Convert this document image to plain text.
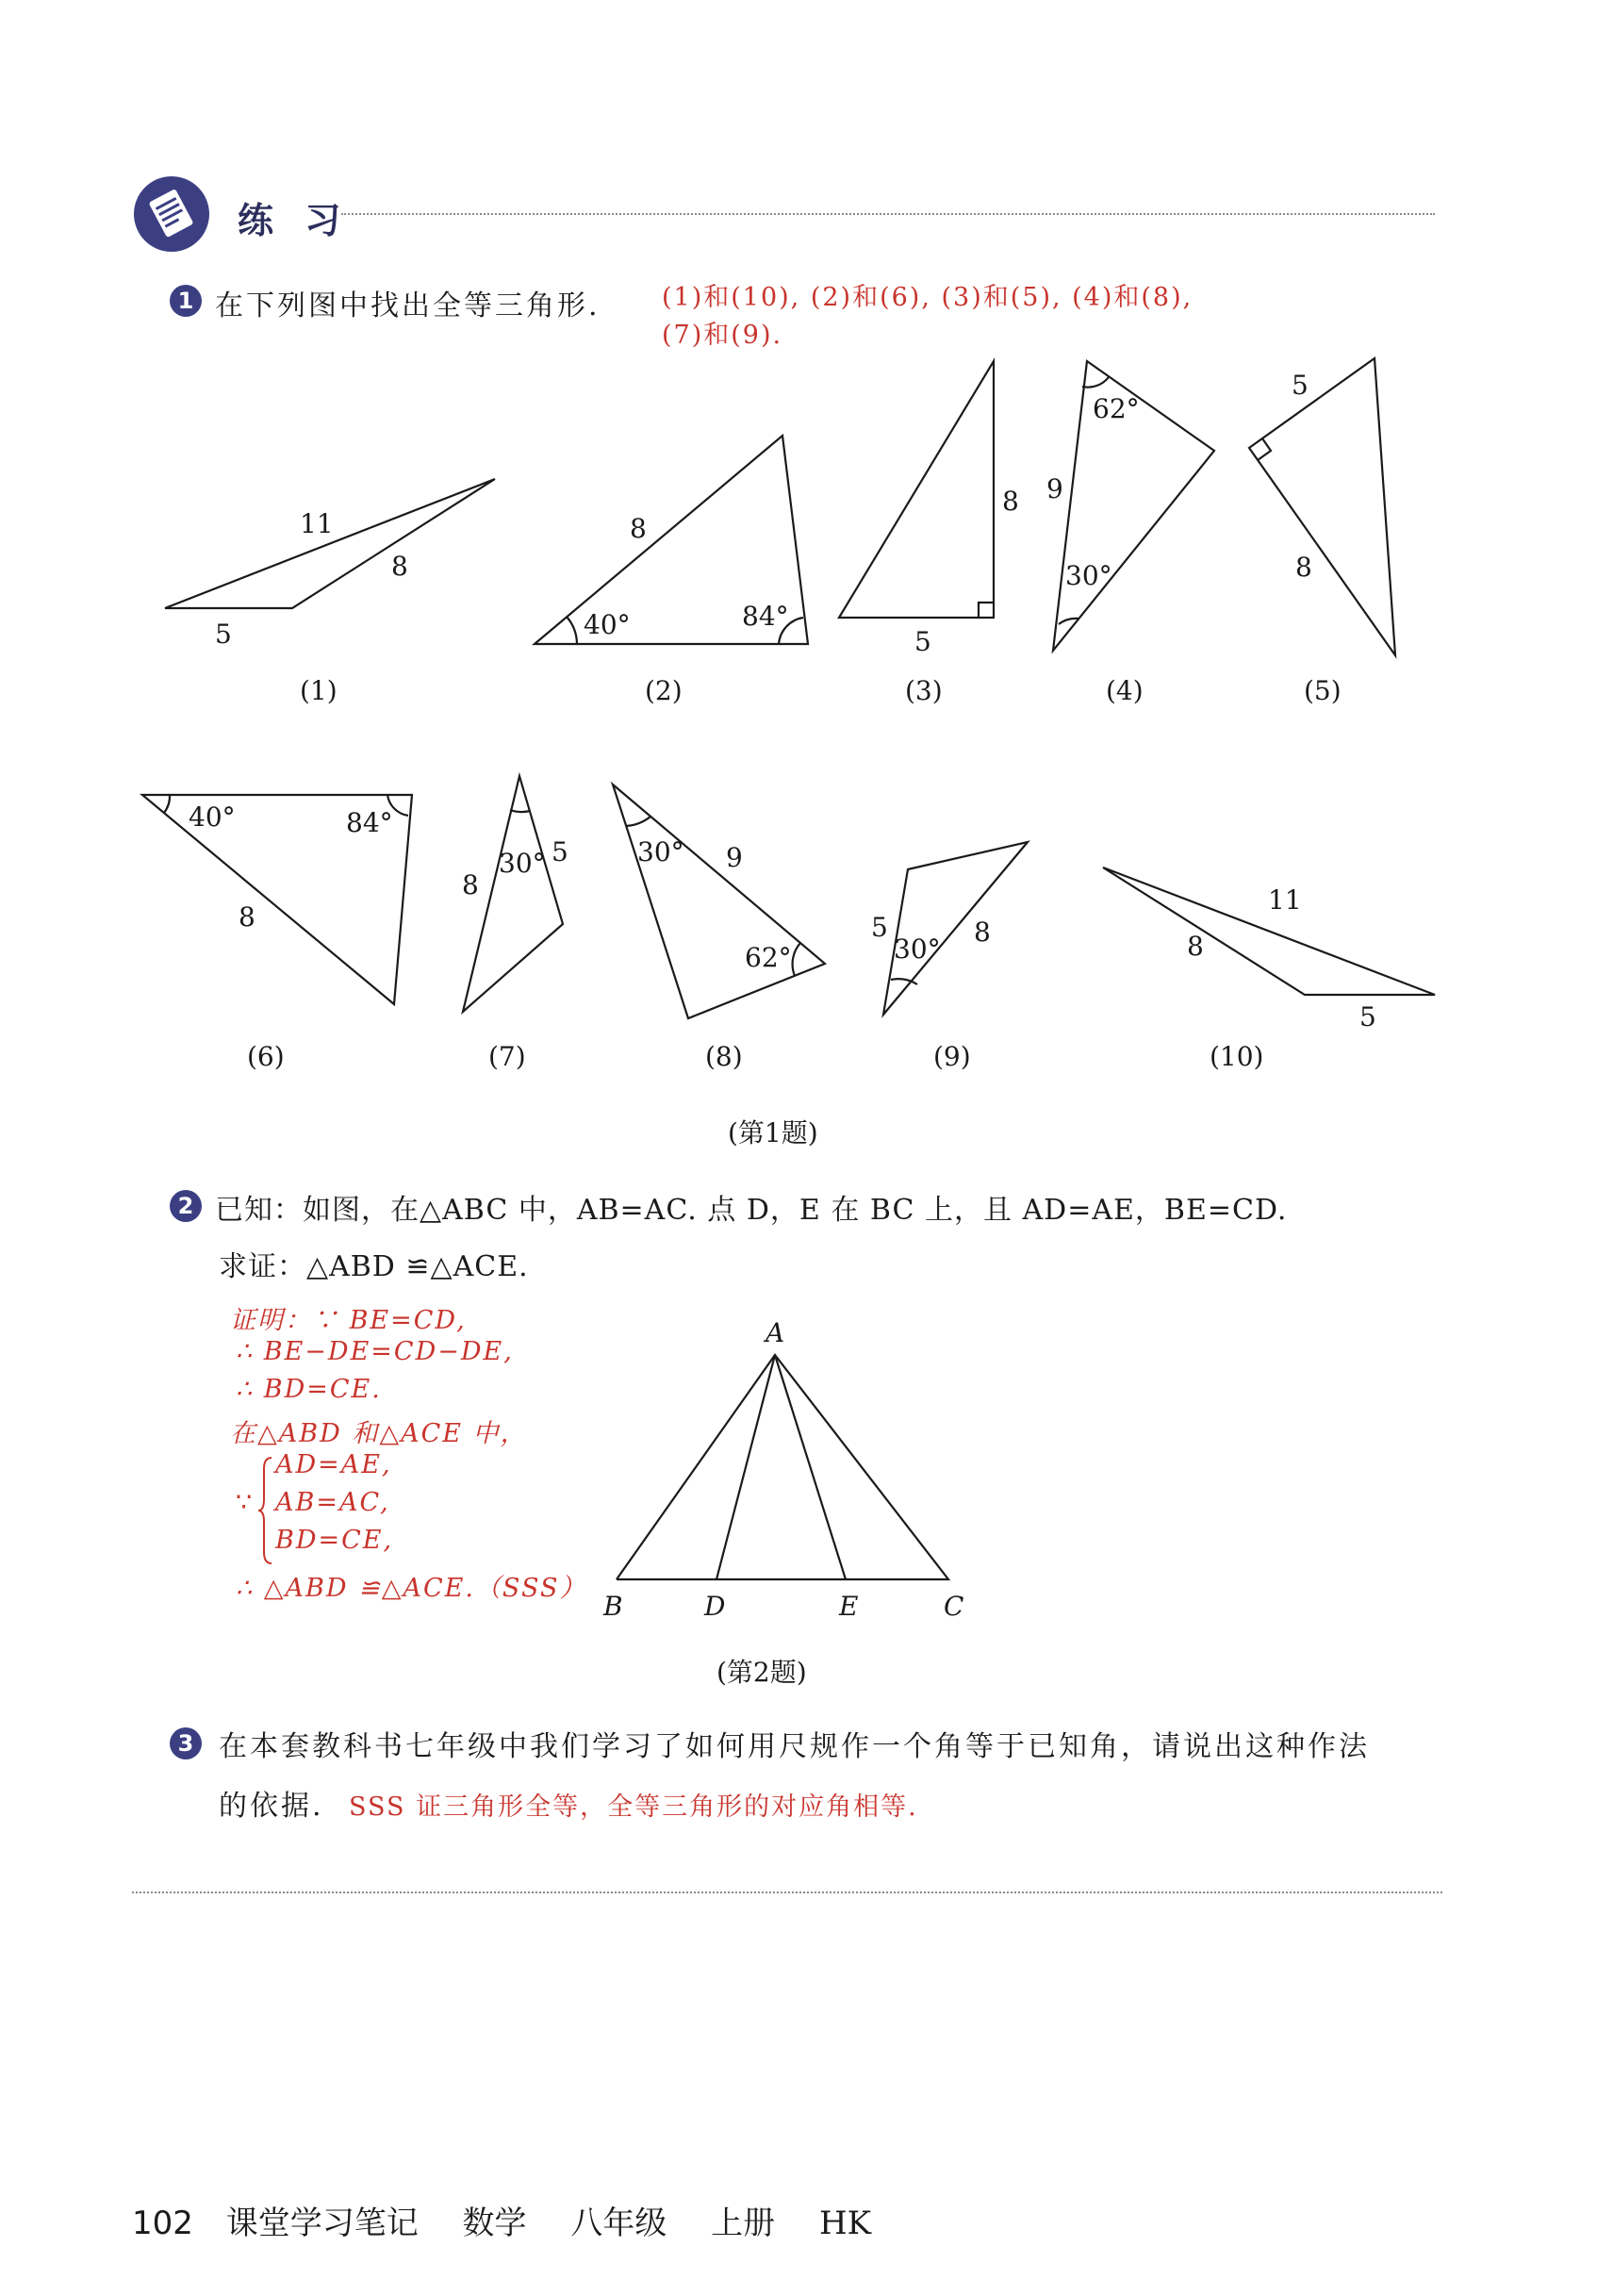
练 习
1 在下列图中找出全等三角形. (1)和(10), (2)和(6), (3)和(5), (4)和(8),
(7)和(9).
11
8
5
8
40°	84°
8
5
62°
9
30°
5
8
40°	84°
8
8
30° 5	30° 9
62°
5
30°
8
11
8
5
(1)	(2)	(3)	(4)	(5)
(6)	(7)	(8)	(9)	(10)
(第1题)
2 已知：如图，在△ABC 中，AB=AC. 点 D，E 在 BC 上，且 AD=AE，BE=CD.
求证：△ABD ≌△ACE.
证明：∵ BE=CD,
∴ BE−DE=CD−DE,
∴ BD=CE.
在△ABD 和△ACE 中，
∵
AD=AE,
AB=AC,
BD=CE,
∴ △ABD ≌△ACE.（SSS）
A
B	D	E	C
(第2题)
3 在本套教科书七年级中我们学习了如何用尺规作一个角等于已知角，请说出这种作法
的依据. SSS 证三角形全等，全等三角形的对应角相等.
102 课堂学习笔记 数学 八年级 上册 HK
